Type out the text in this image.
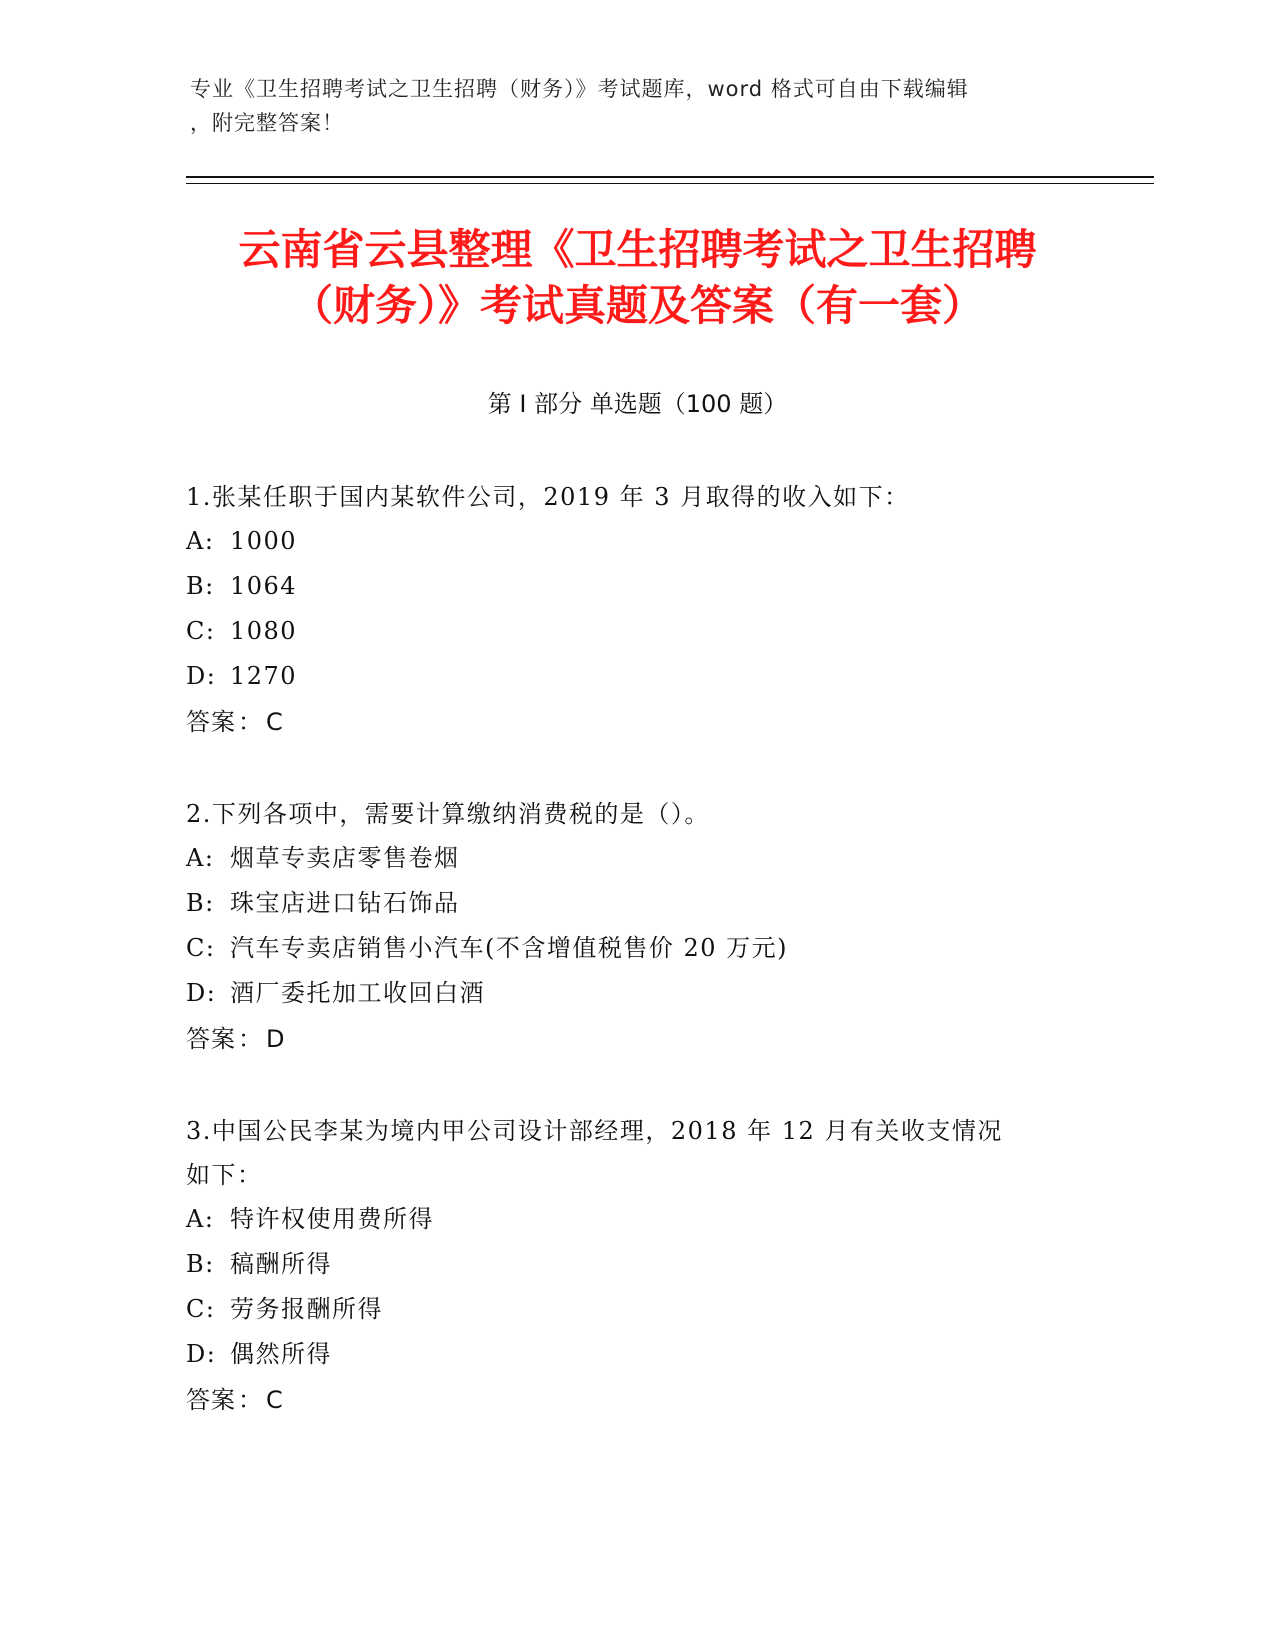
专业《卫生招聘考试之卫生招聘（财务）》考试题库，word 格式可自由下载编辑
，附完整答案！
云南省云县整理《卫生招聘考试之卫生招聘
（财务）》考试真题及答案（有一套）
第 I 部分 单选题（100 题）
1.张某任职于国内某软件公司，2019 年 3 月取得的收入如下：
A: 1000
B: 1064
C: 1080
D: 1270
答案： C
2.下列各项中，需要计算缴纳消费税的是（）。
A: 烟草专卖店零售卷烟
B: 珠宝店进口钻石饰品
C: 汽车专卖店销售小汽车(不含增值税售价 20 万元)
D: 酒厂委托加工收回白酒
答案： D
3.中国公民李某为境内甲公司设计部经理，2018 年 12 月有关收支情况
如下：
A: 特许权使用费所得
B: 稿酬所得
C: 劳务报酬所得
D: 偶然所得
答案： C
